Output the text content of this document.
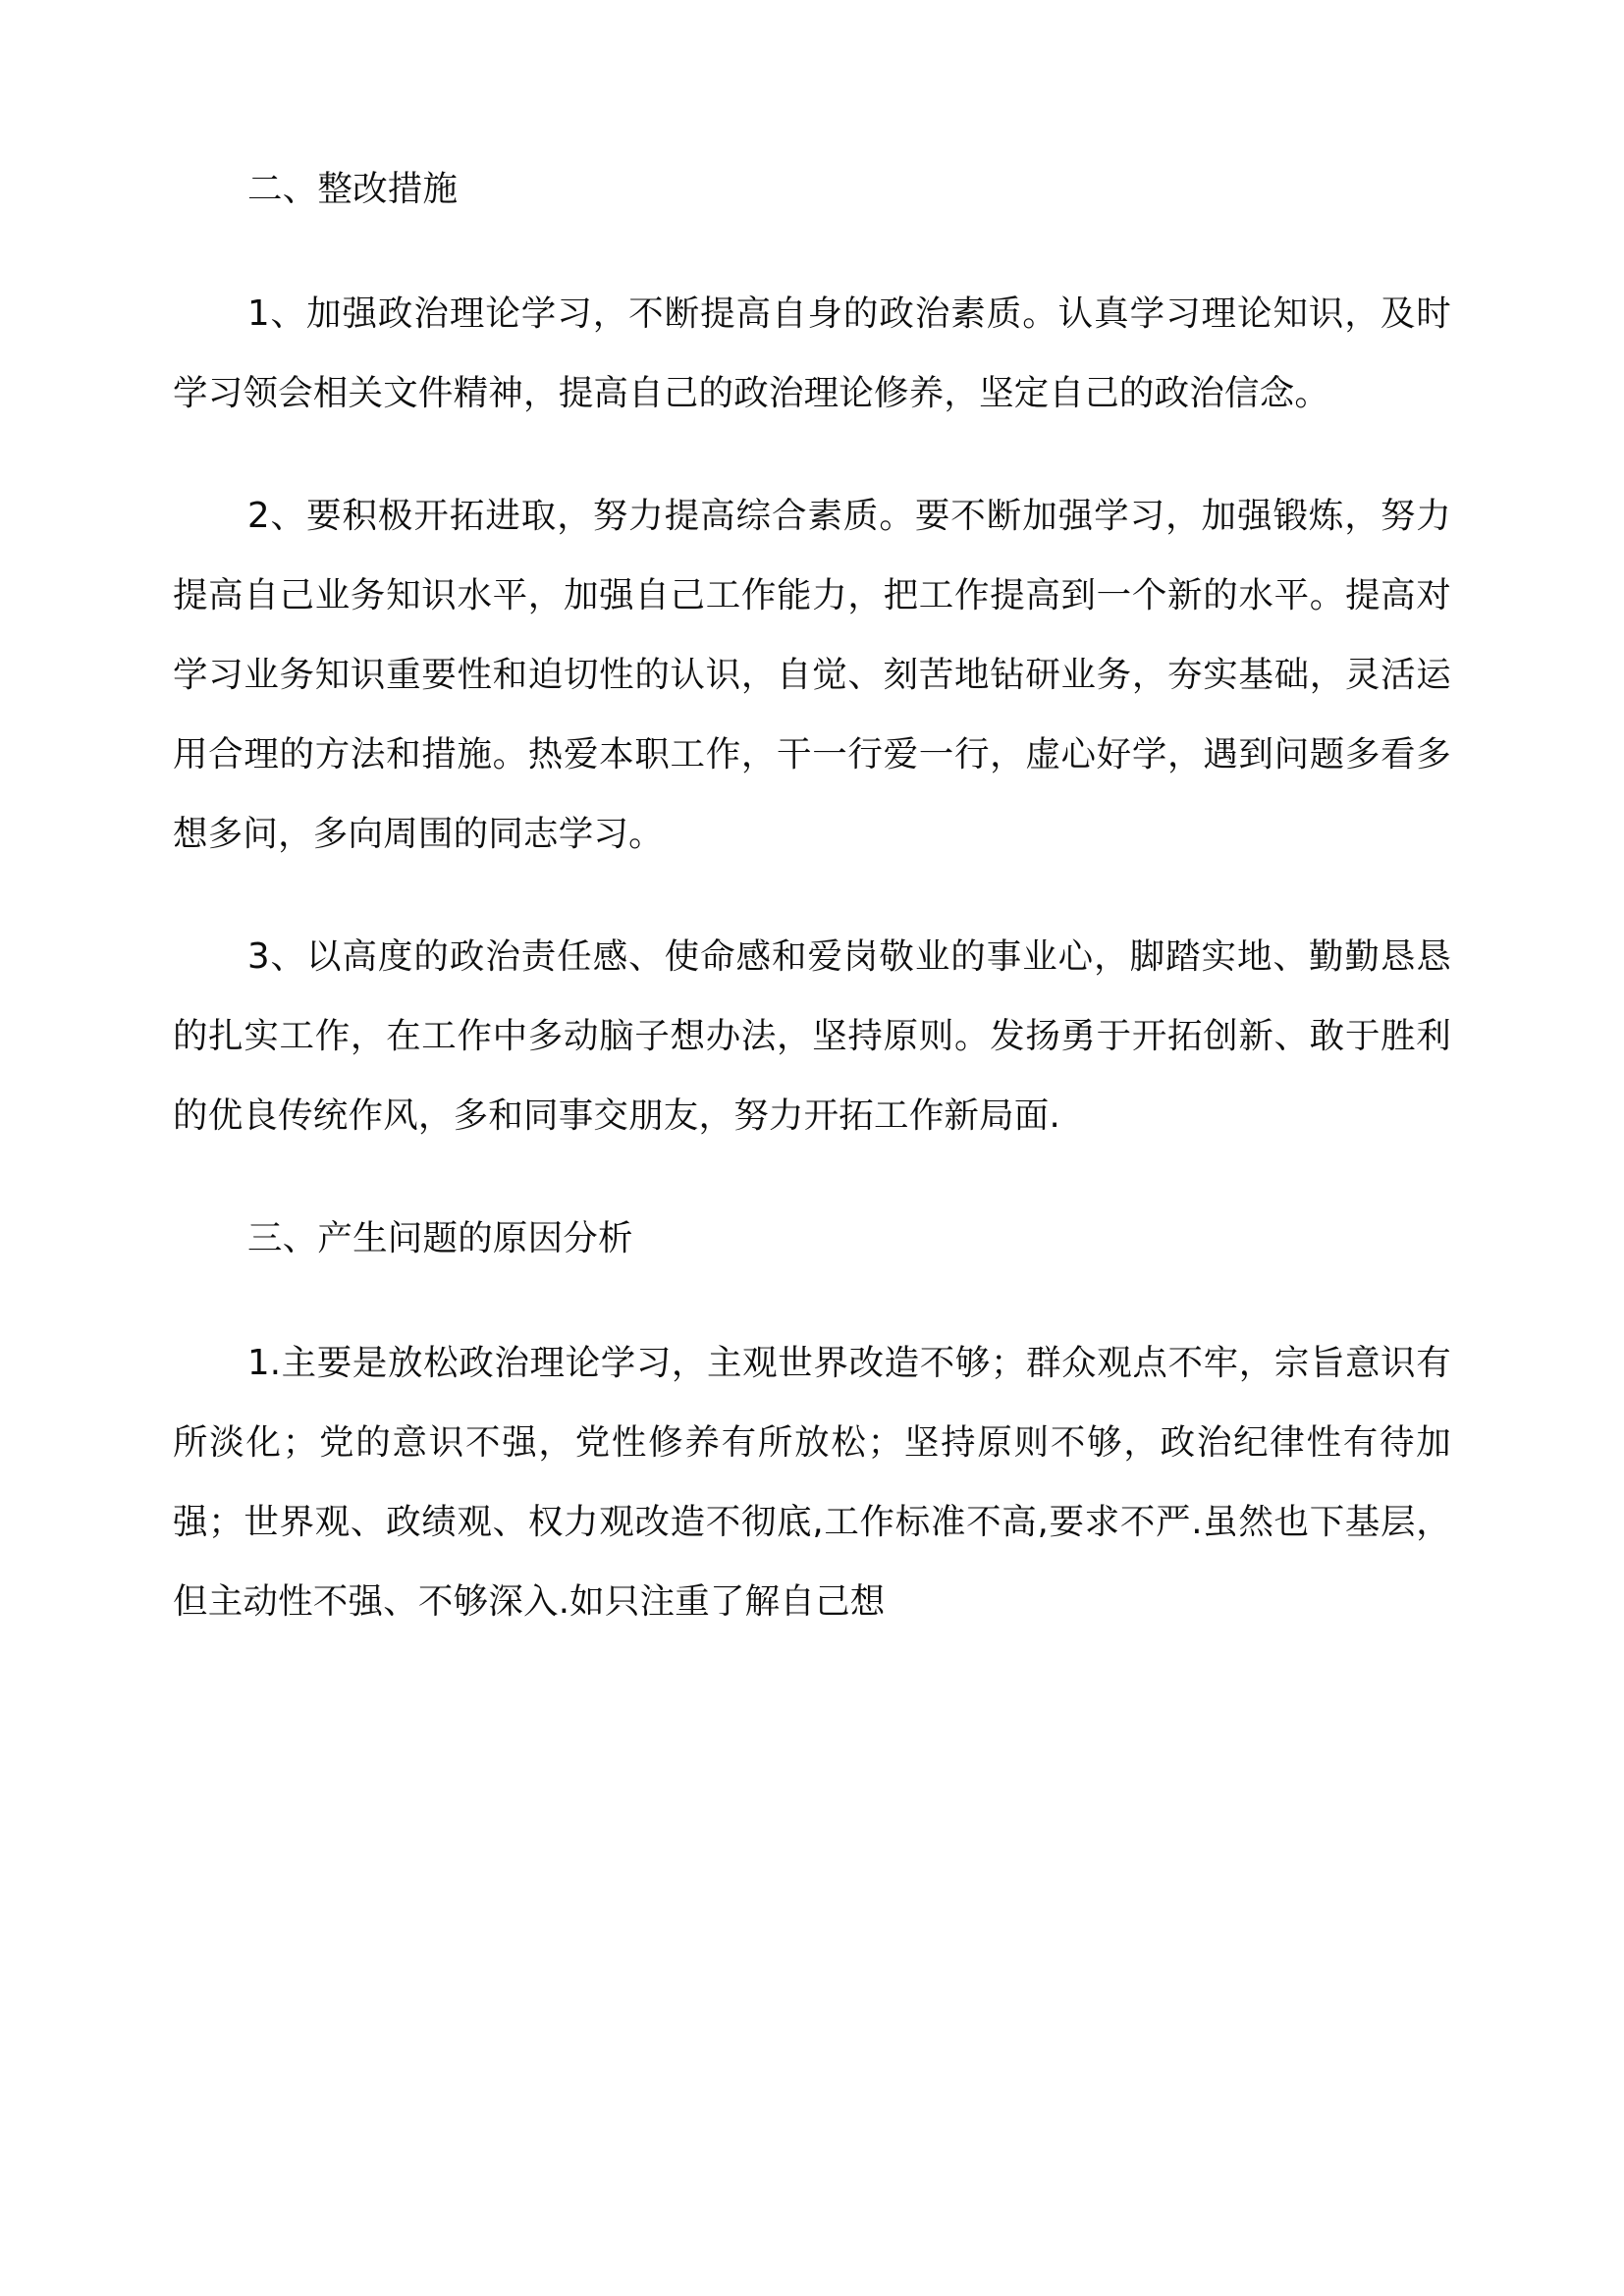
二、整改措施

1、加强政治理论学习，不断提高自身的政治素质。认真学习理论知识，及时学习领会相关文件精神，提高自己的政治理论修养，坚定自己的政治信念。

2、要积极开拓进取，努力提高综合素质。要不断加强学习，加强锻炼，努力提高自己业务知识水平，加强自己工作能力，把工作提高到一个新的水平。提高对学习业务知识重要性和迫切性的认识，自觉、刻苦地钻研业务，夯实基础，灵活运用合理的方法和措施。热爱本职工作，干一行爱一行，虚心好学，遇到问题多看多想多问，多向周围的同志学习。

3、以高度的政治责任感、使命感和爱岗敬业的事业心，脚踏实地、勤勤恳恳的扎实工作，在工作中多动脑子想办法，坚持原则。发扬勇于开拓创新、敢于胜利的优良传统作风，多和同事交朋友，努力开拓工作新局面.

三、产生问题的原因分析

1.主要是放松政治理论学习，主观世界改造不够；群众观点不牢，宗旨意识有所淡化；党的意识不强，党性修养有所放松；坚持原则不够，政治纪律性有待加强；世界观、政绩观、权力观改造不彻底,工作标准不高,要求不严.虽然也下基层，但主动性不强、不够深入.如只注重了解自己想
